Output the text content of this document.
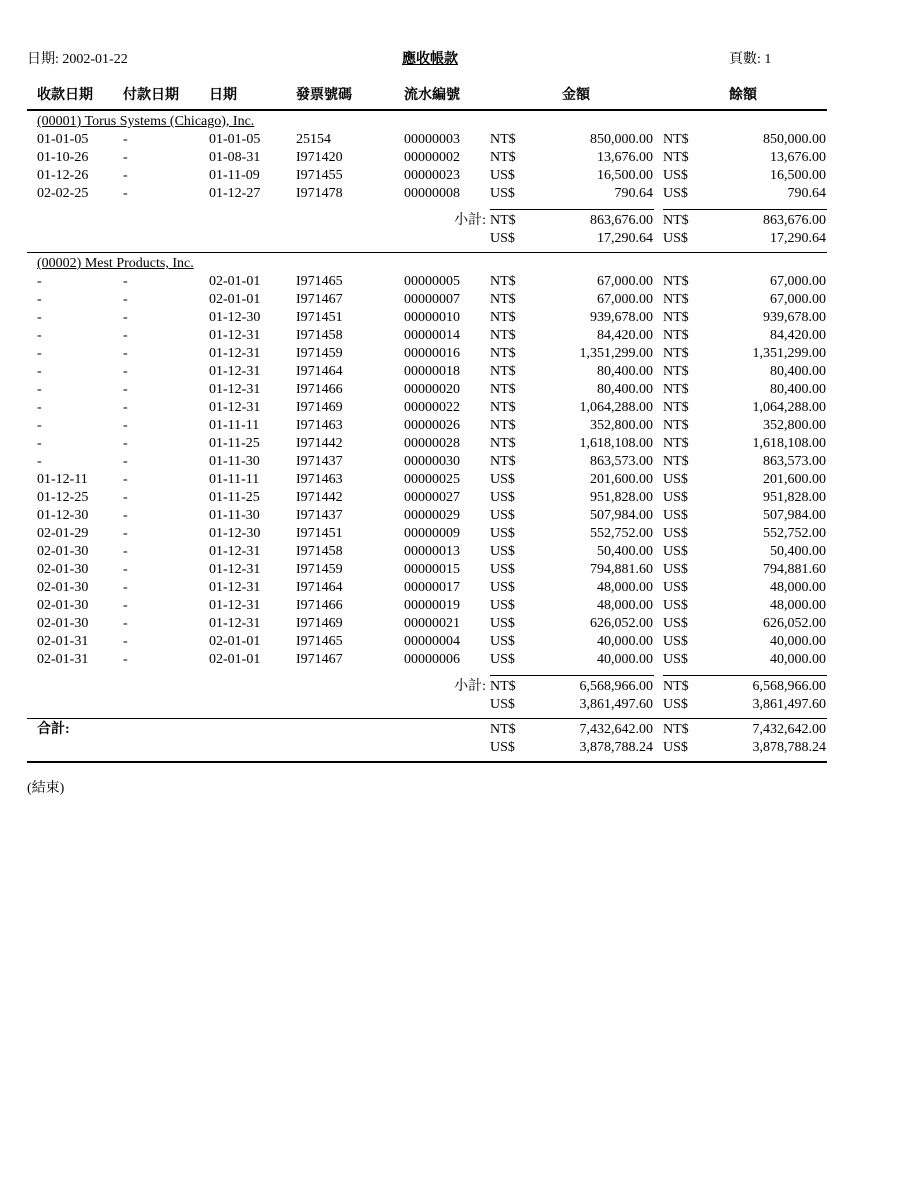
日期: 2002-01-22	應收帳款	頁數: 1
收款日期 付款日期 日期	發票號碼	流水編號	金額	餘額
(00001) Torus Systems (Chicago), Inc.
01-01-05 -	01-01-05	25154	00000003 NT$	850,000.00 NT$	850,000.00
01-10-26 -	01-08-31	I971420	00000002 NT$	13,676.00 NT$	13,676.00
01-12-26 -	01-11-09	I971455	00000023 US$	16,500.00 US$	16,500.00
02-02-25 -	01-12-27	I971478	00000008 US$	790.64 US$	790.64
小計: NT$	863,676.00 NT$	863,676.00
US$	17,290.64 US$	17,290.64
(00002) Mest Products, Inc.
-	-	02-01-01	I971465	00000005 NT$	67,000.00 NT$	67,000.00
-	-	02-01-01	I971467	00000007 NT$	67,000.00 NT$	67,000.00
-	-	01-12-30	I971451	00000010 NT$	939,678.00 NT$	939,678.00
-	-	01-12-31	I971458	00000014 NT$	84,420.00 NT$	84,420.00
-	-	01-12-31	I971459	00000016 NT$	1,351,299.00 NT$	1,351,299.00
-	-	01-12-31	I971464	00000018 NT$	80,400.00 NT$	80,400.00
-	-	01-12-31	I971466	00000020 NT$	80,400.00 NT$	80,400.00
-	-	01-12-31	I971469	00000022 NT$	1,064,288.00 NT$	1,064,288.00
-	-	01-11-11	I971463	00000026 NT$	352,800.00 NT$	352,800.00
-	-	01-11-25	I971442	00000028 NT$	1,618,108.00 NT$	1,618,108.00
-	-	01-11-30	I971437	00000030 NT$	863,573.00 NT$	863,573.00
01-12-11	-	01-11-11	I971463	00000025 US$	201,600.00 US$	201,600.00
01-12-25 -	01-11-25	I971442	00000027 US$	951,828.00 US$	951,828.00
01-12-30 -	01-11-30	I971437	00000029 US$	507,984.00 US$	507,984.00
02-01-29 -	01-12-30	I971451	00000009 US$	552,752.00 US$	552,752.00
02-01-30 -	01-12-31	I971458	00000013 US$	50,400.00 US$	50,400.00
02-01-30 -	01-12-31	I971459	00000015 US$	794,881.60 US$	794,881.60
02-01-30 -	01-12-31	I971464	00000017 US$	48,000.00 US$	48,000.00
02-01-30 -	01-12-31	I971466	00000019 US$	48,000.00 US$	48,000.00
02-01-30 -	01-12-31	I971469	00000021 US$	626,052.00 US$	626,052.00
02-01-31 -	02-01-01	I971465	00000004 US$	40,000.00 US$	40,000.00
02-01-31 -	02-01-01	I971467	00000006 US$	40,000.00 US$	40,000.00
小計: NT$	6,568,966.00 NT$	6,568,966.00
US$	3,861,497.60 US$	3,861,497.60
合計:	NT$	7,432,642.00 NT$	7,432,642.00
US$	3,878,788.24 US$	3,878,788.24
(結束)
